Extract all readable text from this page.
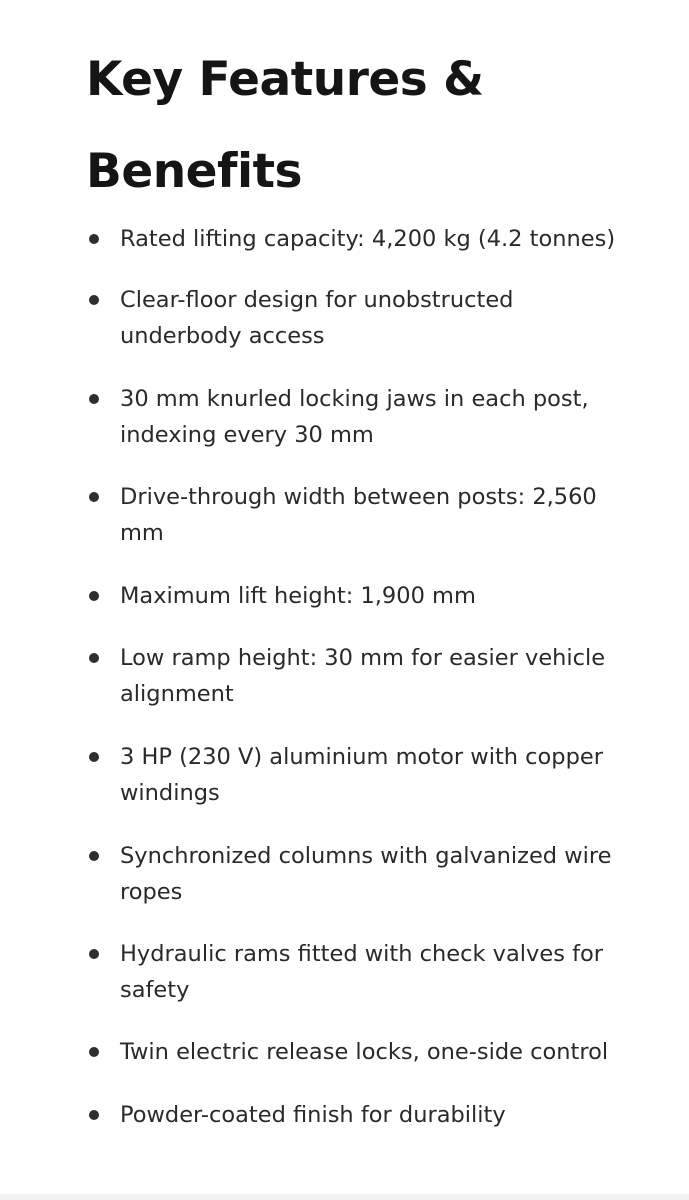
Key Features &
Benefits
Rated lifting capacity: 4,200 kg (4.2 tonnes)
Clear-floor design for unobstructed underbody access
30 mm knurled locking jaws in each post, indexing every 30 mm
Drive-through width between posts: 2,560 mm
Maximum lift height: 1,900 mm
Low ramp height: 30 mm for easier vehicle alignment
3 HP (230 V) aluminium motor with copper windings
Synchronized columns with galvanized wire ropes
Hydraulic rams fitted with check valves for safety
Twin electric release locks, one-side control
Powder-coated finish for durability
